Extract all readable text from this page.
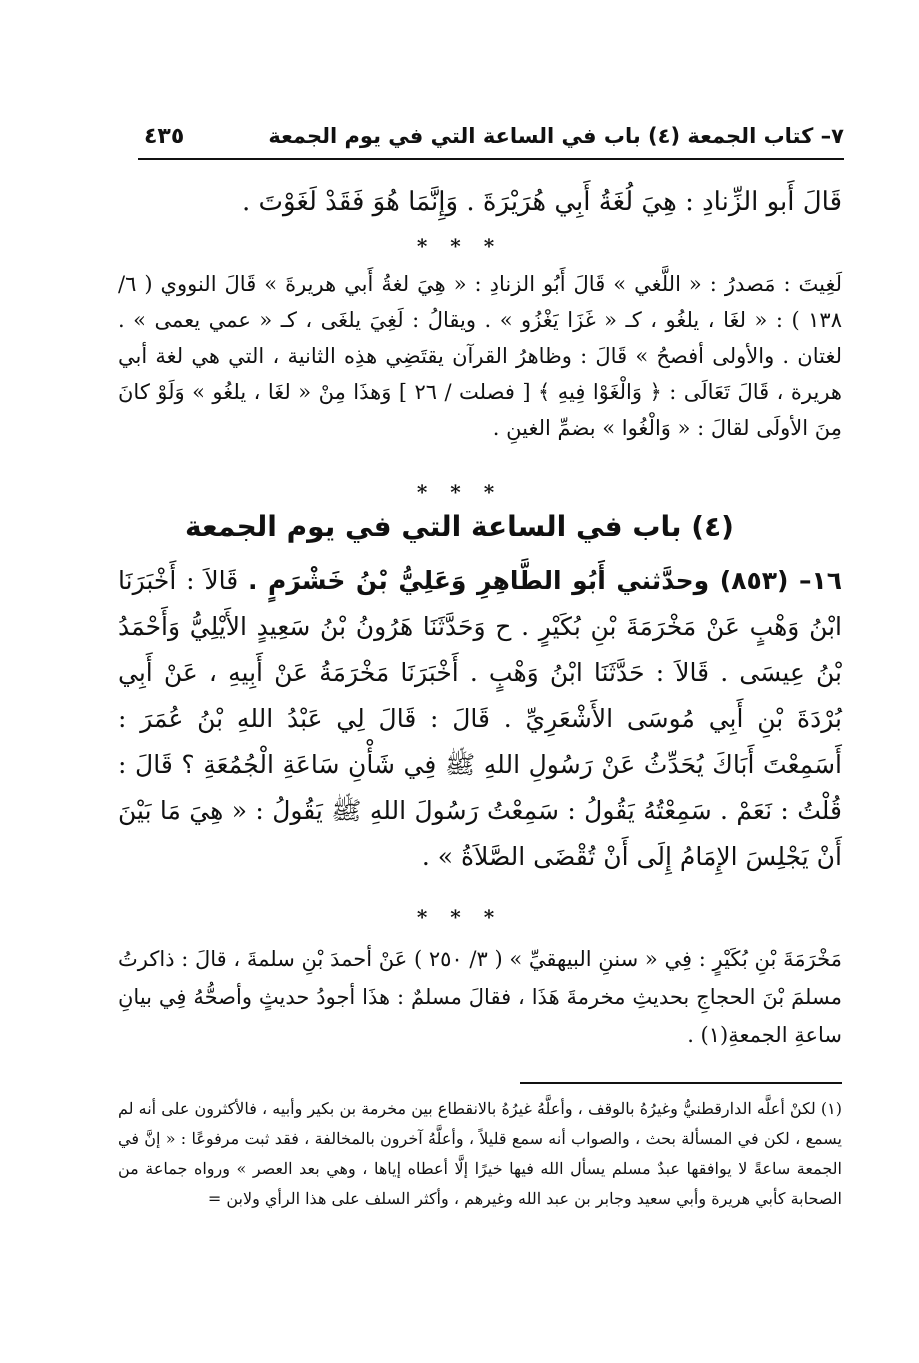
٧– كتاب الجمعة (٤) باب في الساعة التي في يوم الجمعة
٤٣٥
قَالَ أَبو الزِّنادِ : هِيَ لُغَةُ أَبِي هُرَيْرَةَ . وَإِنَّمَا هُوَ فَقَدْ لَغَوْتَ .
* * *
لَغِيتَ : مَصدرُ : « اللَّغي » قَالَ أَبُو الزنادِ : « هِيَ لغةُ أَبي هريرةَ » قَالَ النووي ( ٦/ ١٣٨ ) : « لغَا ، يلغُو ، كـ « غَزَا يَغْزُو » . ويقالُ : لَغِيَ يلغَى ، كـ « عمي يعمى » . لغتان . والأولى أفصحُ » قَالَ : وظاهرُ القرآن يقتَضِي هذِه الثانية ، التي هي لغة أبي هريرة ، قَالَ تَعَالَى : ﴿ وَالْغَوْا فِيهِ ﴾ [ فصلت / ٢٦ ] وَهذَا مِنْ « لغَا ، يلغُو » وَلَوْ كانَ مِنَ الأولَى لقالَ : « وَالْغُوا » بضمِّ الغينِ .
* * *
(٤) باب في الساعة التي في يوم الجمعة
١٦– (٨٥٣) وحدَّثني أَبُو الطَّاهِرِ وَعَلِيُّ بْنُ خَشْرَمٍ . قَالاَ : أَخْبَرَنَا ابْنُ وَهْبٍ عَنْ مَخْرَمَةَ بْنِ بُكَيْرٍ . ح وَحَدَّثَنَا هَرُونُ بْنُ سَعِيدٍ الأَيْلِيُّ وَأَحْمَدُ بْنُ عِيسَى . قَالاَ : حَدَّثَنَا ابْنُ وَهْبٍ . أَخْبَرَنَا مَخْرَمَةُ عَنْ أَبِيهِ ، عَنْ أَبِي بُرْدَةَ بْنِ أَبِي مُوسَى الأَشْعَرِيِّ . قَالَ : قَالَ لِي عَبْدُ اللهِ بْنُ عُمَرَ : أَسَمِعْتَ أَبَاكَ يُحَدِّثُ عَنْ رَسُولِ اللهِ ﷺ فِي شَأْنِ سَاعَةِ الْجُمُعَةِ ؟ قَالَ : قُلْتُ : نَعَمْ . سَمِعْتُهُ يَقُولُ : سَمِعْتُ رَسُولَ اللهِ ﷺ يَقُولُ : « هِيَ مَا بَيْنَ أَنْ يَجْلِسَ الإِمَامُ إِلَى أَنْ تُقْضَى الصَّلاَةُ » .
* * *
مَخْرَمَةَ بْنِ بُكَيْرٍ : فِي « سننِ البيهقيِّ » ( ٣/ ٢٥٠ ) عَنْ أحمدَ بْنِ سلمةَ ، قالَ : ذاكرتُ مسلمَ بْنَ الحجاجِ بحديثِ مخرمةَ هَذَا ، فقالَ مسلمٌ : هذَا أجودُ حديثٍ وأصحُّهُ فِي بيانِ ساعةِ الجمعةِ(١) .
(١) لكنْ أعلَّه الدارقطنيُّ وغيرُهُ بالوقف ، وأعلَّهُ غيرُهُ بالانقطاع بين مخرمة بن بكير وأبيه ، فالأكثرون على أنه لم يسمع ، لكن في المسألة بحث ، والصواب أنه سمع قليلاً ، وأعلَّهُ آخرون بالمخالفة ، فقد ثبت مرفوعًا : « إنَّ في الجمعة ساعةً لا يوافقها عبدٌ مسلم يسأل الله فيها خيرًا إلَّا أعطاه إياها ، وهي بعد العصر » ورواه جماعة من الصحابة كأبي هريرة وأبي سعيد وجابر بن عبد الله وغيرهم ، وأكثر السلف على هذا الرأي ولابن =
